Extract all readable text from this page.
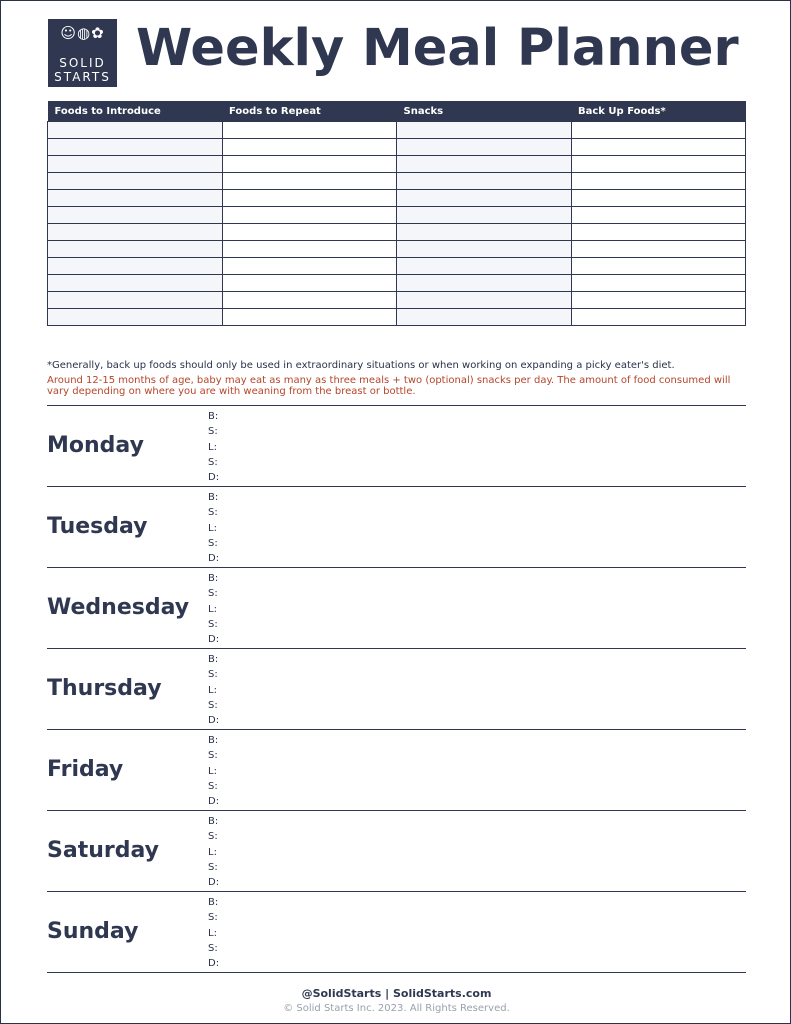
☺◍✿
SOLID
STARTS Weekly Meal Planner
Foods to Introduce	Foods to Repeat	Snacks	Back Up Foods*

*Generally, back up foods should only be used in extraordinary situations or when working on expanding a picky eater's diet.
Around 12-15 months of age, baby may eat as many as three meals + two (optional) snacks per day. The amount of food consumed will vary depending on where you are with weaning from the breast or bottle.
Monday
B:
S:
L:
S:
D:
Tuesday
B:
S:
L:
S:
D:
Wednesday
B:
S:
L:
S:
D:
Thursday
B:
S:
L:
S:
D:
Friday
B:
S:
L:
S:
D:
Saturday
B:
S:
L:
S:
D:
Sunday
B:
S:
L:
S:
D:
@SolidStarts | SolidStarts.com
© Solid Starts Inc. 2023. All Rights Reserved.
